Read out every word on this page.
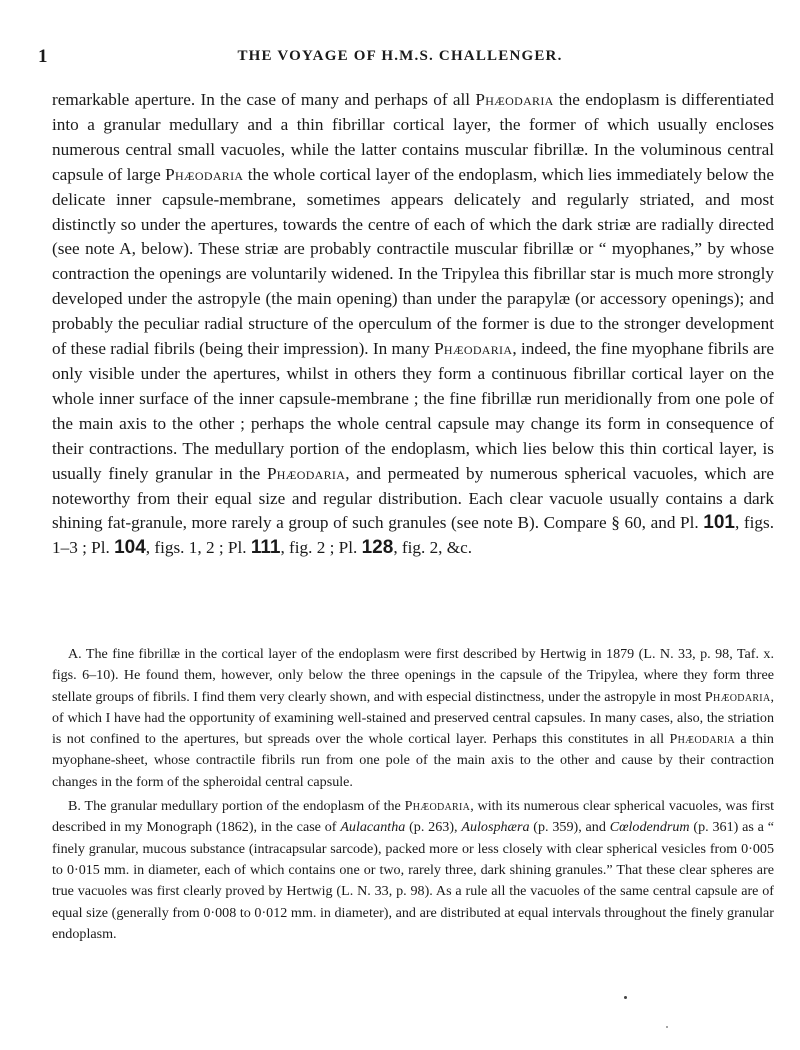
1	THE VOYAGE OF H.M.S. CHALLENGER.

remarkable aperture. In the case of many and perhaps of all Phæodaria the endoplasm is differentiated into a granular medullary and a thin fibrillar cortical layer, the former of which usually encloses numerous central small vacuoles, while the latter contains muscular fibrillæ. In the voluminous central capsule of large Phæodaria the whole cortical layer of the endoplasm, which lies immediately below the delicate inner capsule-membrane, sometimes appears delicately and regularly striated, and most distinctly so under the apertures, towards the centre of each of which the dark striæ are radially directed (see note A, below). These striæ are probably contractile muscular fibrillæ or “ myophanes,” by whose contraction the openings are voluntarily widened. In the Tripylea this fibrillar star is much more strongly developed under the astropyle (the main opening) than under the parapylæ (or accessory openings); and probably the peculiar radial structure of the operculum of the former is due to the stronger development of these radial fibrils (being their impression). In many Phæodaria, indeed, the fine myophane fibrils are only visible under the apertures, whilst in others they form a continuous fibrillar cortical layer on the whole inner surface of the inner capsule-membrane ; the fine fibrillæ run meridionally from one pole of the main axis to the other ; perhaps the whole central capsule may change its form in consequence of their contractions. The medullary portion of the endoplasm, which lies below this thin cortical layer, is usually finely granular in the Phæodaria, and permeated by numerous spherical vacuoles, which are noteworthy from their equal size and regular distribution. Each clear vacuole usually contains a dark shining fat-granule, more rarely a group of such granules (see note B). Compare § 60, and Pl. 101, figs. 1–3 ; Pl. 104, figs. 1, 2 ; Pl. 111, fig. 2 ; Pl. 128, fig. 2, &c.

A. The fine fibrillæ in the cortical layer of the endoplasm were first described by Hertwig in 1879 (L. N. 33, p. 98, Taf. x. figs. 6–10). He found them, however, only below the three openings in the capsule of the Tripylea, where they form three stellate groups of fibrils. I find them very clearly shown, and with especial distinctness, under the astropyle in most Phæodaria, of which I have had the opportunity of examining well-stained and preserved central capsules. In many cases, also, the striation is not confined to the apertures, but spreads over the whole cortical layer. Perhaps this constitutes in all Phæodaria a thin myophane-sheet, whose contractile fibrils run from one pole of the main axis to the other and cause by their contraction changes in the form of the spheroidal central capsule.

B. The granular medullary portion of the endoplasm of the Phæodaria, with its numerous clear spherical vacuoles, was first described in my Monograph (1862), in the case of Aulacantha (p. 263), Aulosphæra (p. 359), and Cœlodendrum (p. 361) as a “ finely granular, mucous substance (intracapsular sarcode), packed more or less closely with clear spherical vesicles from 0·005 to 0·015 mm. in diameter, each of which contains one or two, rarely three, dark shining granules.” That these clear spheres are true vacuoles was first clearly proved by Hertwig (L. N. 33, p. 98). As a rule all the vacuoles of the same central capsule are of equal size (generally from 0·008 to 0·012 mm. in diameter), and are distributed at equal intervals throughout the finely granular endoplasm.
